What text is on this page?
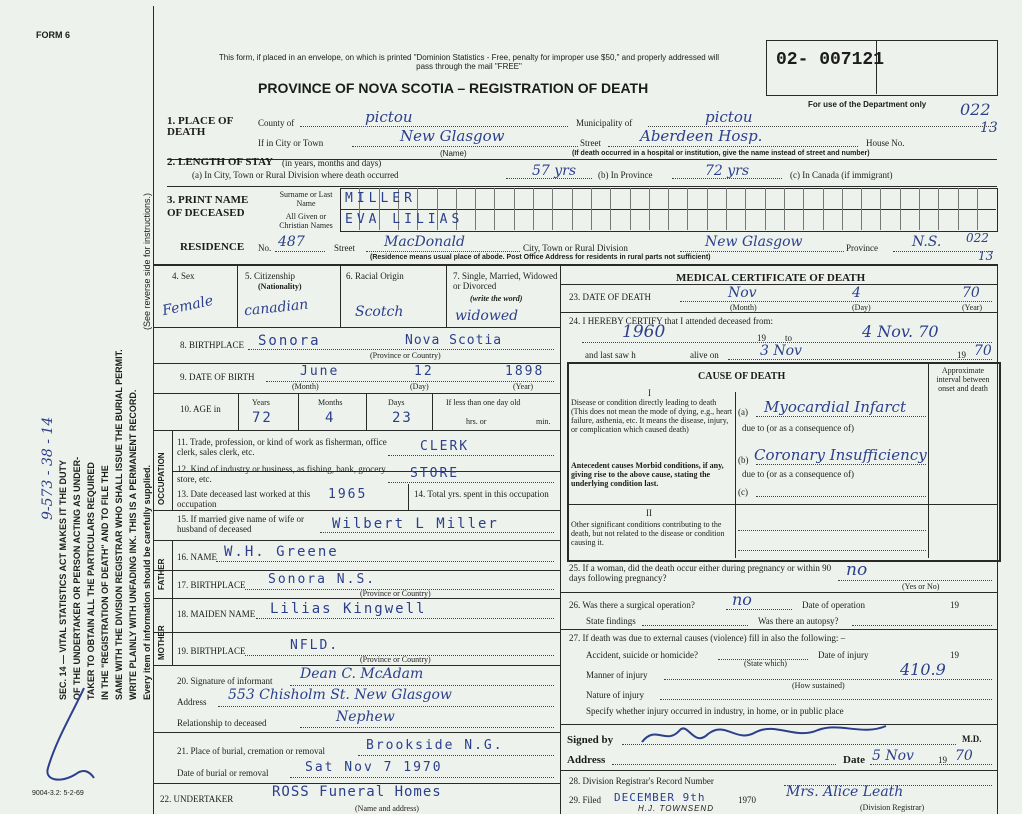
FORM 6
9004-3.2: 5-2-69
SEC. 14 — VITAL STATISTICS ACT MAKES IT THE DUTY OF THE UNDERTAKER OR PERSON ACTING AS UNDER- TAKER TO OBTAIN ALL THE PARTICULARS REQUIRED IN THE "REGISTRATION OF DEATH" AND TO FILE THE SAME WITH THE DIVISION REGISTRAR WHO SHALL ISSUE THE BURIAL PERMIT. WRITE PLAINLY WITH UNFADING INK. THIS IS A PERMANENT RECORD. Every item of information should be carefully supplied.
(See reverse side for instructions.)
9-573 - 38 - 14
This form, if placed in an envelope, on which is printed "Dominion Statistics - Free, penalty for improper use $50," and properly addressed will pass through the mail "FREE"
PROVINCE OF NOVA SCOTIA – REGISTRATION OF DEATH
02- 007121
For use of the Department only 022
13
1. PLACE OF DEATH
County of	pictou	Municipality of	pictou
If in City or Town	New Glasgow
(Name)
Street	Aberdeen Hosp.	House No.
(If death occurred in a hospital or institution, give the name instead of street and number)
2. LENGTH OF STAY (in years, months and days)
(a) In City, Town or Rural Division where death occurred	57 yrs (b) In Province	72 yrs	(c) In Canada (if immigrant)
3. PRINT NAME OF DECEASED
Surname or Last Name
All Given or Christian Names
MILLER
EVA LILIAS
RESIDENCE No. 487	Street MacDonald	City, Town or Rural Division	New Glasgow	Province N.S. 022
13
(Residence means usual place of abode. Post Office Address for residents in rural parts not sufficient)
4. Sex
Female
5. Citizenship
(Nationality)
canadian
6. Racial Origin
Scotch
7. Single, Married, Widowed or Divorced
(write the word)
widowed
8. BIRTHPLACE Sonora	Nova Scotia
(Province or Country)
9. DATE OF BIRTH	June	12	1898
(Month)	(Day)	(Year)
10. AGE in
Years	Months	Days
72	4	23
If less than one day old
hrs. or	min.
OCCUPATION
11. Trade, profession, or kind of work as fisherman, office clerk, sales clerk, etc.	CLERK
12. Kind of industry or business, as fishing, bank, grocery store, etc.	STORE
13. Date deceased last worked at this occupation
1965	14. Total yrs. spent in this occupation
15. If married give name of wife or husband of deceased	Wilbert L Miller
FATHER
16. NAME W.H. Greene
17. BIRTHPLACE Sonora N.S.
(Province or Country)
MOTHER
18. MAIDEN NAME Lilias Kingwell
19. BIRTHPLACE	NFLD.
(Province or Country)
20. Signature of informant Dean C. McAdam
Address 553 Chisholm St. New Glasgow
Relationship to deceased	Nephew
21. Place of burial, cremation or removal	Brookside N.G.
Date of burial or removal	Sat Nov 7 1970
22. UNDERTAKER	ROSS Funeral Homes
(Name and address)
MEDICAL CERTIFICATE OF DEATH
23. DATE OF DEATH	Nov	4	70
(Month)	(Day)	(Year)
24. I HEREBY CERTIFY that I attended deceased from:
1960	19 to	4 Nov. 70
and last saw h	alive on	3 Nov	19 70
CAUSE OF DEATH
Approximate interval between onset and death
I
Disease or condition directly leading to death (This does not mean the mode of dying, e.g., heart failure, asthenia, etc. It means the disease, injury, or complication which caused death)
(a) Myocardial Infarct
due to (or as a consequence of)
Antecedent causes Morbid conditions, if any, giving rise to the above cause, stating the underlying condition last.
(b) Coronary Insufficiency
due to (or as a consequence of)
(c)
II
Other significant conditions contributing to the death, but not related to the disease or condition causing it.
25. If a woman, did the death occur either during pregnancy or within 90 days following pregnancy?	no
(Yes or No)
26. Was there a surgical operation? no	Date of operation	19
State findings	Was there an autopsy?
27. If death was due to external causes (violence) fill in also the following: –
Accident, suicide or homicide?
(State which)
Date of injury	19
Manner of injury	410.9
(How sustained)
Nature of injury
Specify whether injury occurred in industry, in home, or in public place
Signed by	M.D.
Address	Date 5 Nov	19 70
28. Division Registrar's Record Number
29. Filed DECEMBER 9th	1970 Mrs. Alice Leath
(Division Registrar)
H.J. TOWNSEND
